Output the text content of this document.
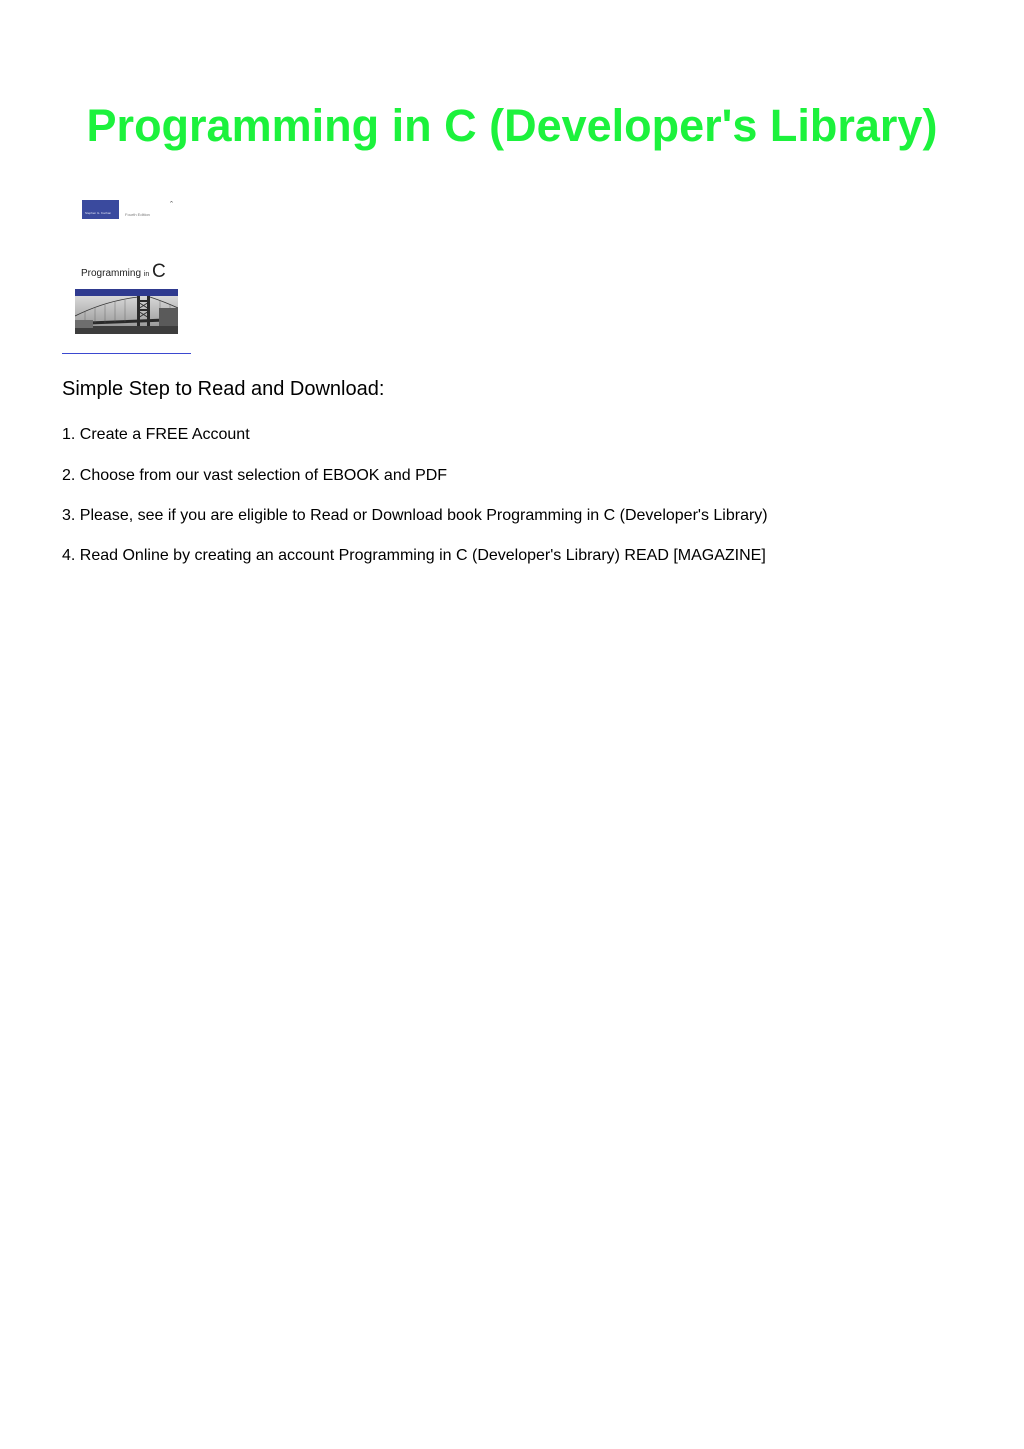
Programming in C (Developer's Library)
Stephen G. Kochan	Fourth Edition
ˆ
Programming in C
Simple Step to Read and Download:

1. Create a FREE Account

2. Choose from our vast selection of EBOOK and PDF

3. Please, see if you are eligible to Read or Download book Programming in C (Developer's Library)

4. Read Online by creating an account Programming in C (Developer's Library) READ [MAGAZINE]
